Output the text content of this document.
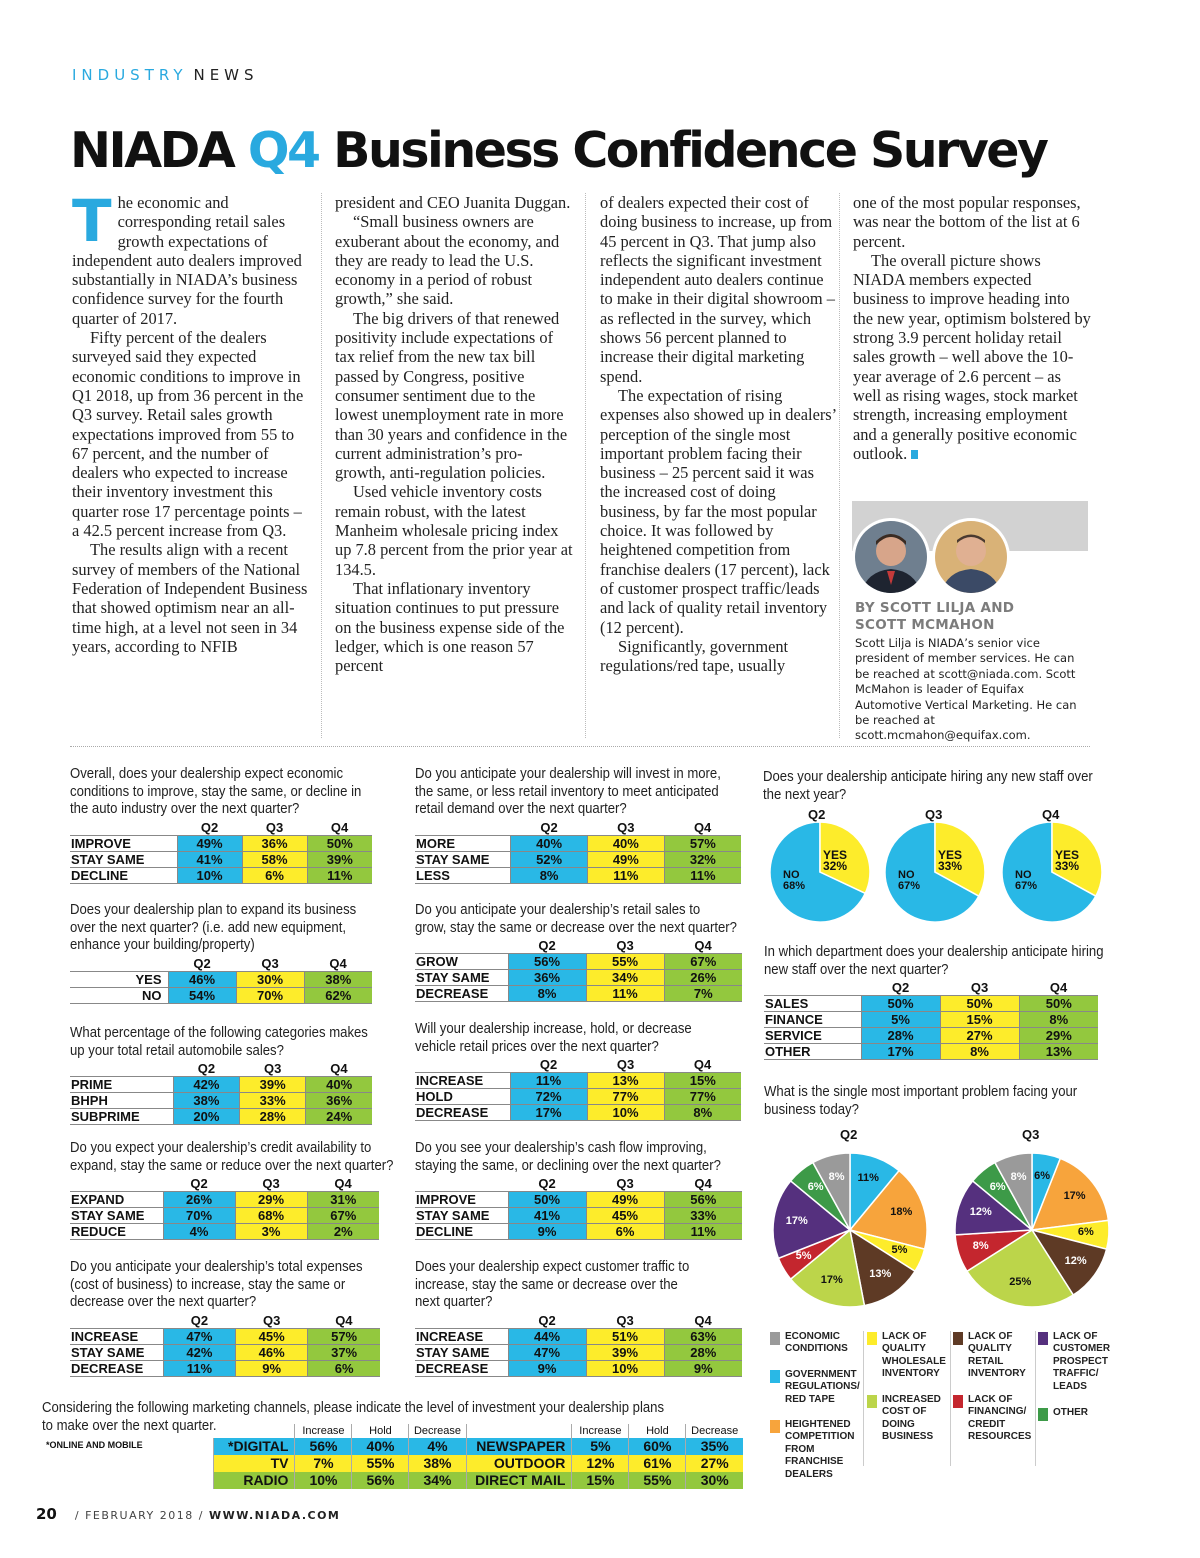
INDUSTRY NEWS
NIADA Q4 Business Confidence Survey
T he economic and corresponding retail sales growth expectations of independent auto dealers improved substantially in NIADA’s business confidence survey for the fourth quarter of 2017.

Fifty percent of the dealers surveyed said they expected economic conditions to improve in Q1 2018, up from 36 percent in the Q3 survey. Retail sales growth expectations improved from 55 to 67 percent, and the number of dealers who expected to increase their inventory investment this quarter rose 17 percentage points – a 42.5 percent increase from Q3.

The results align with a recent survey of members of the National Federation of Independent Business that showed optimism near an all-time high, at a level not seen in 34 years, according to NFIB

president and CEO Juanita Duggan.

“Small business owners are exuberant about the economy, and they are ready to lead the U.S. economy in a period of robust growth,” she said.

The big drivers of that renewed positivity include expectations of tax relief from the new tax bill passed by Congress, positive consumer sentiment due to the lowest unemployment rate in more than 30 years and confidence in the current administration’s pro-growth, anti-regulation policies.

Used vehicle inventory costs remain robust, with the latest Manheim wholesale pricing index up 7.8 percent from the prior year at 134.5.

That inflationary inventory situation continues to put pressure on the business expense side of the ledger, which is one reason 57 percent

of dealers expected their cost of doing business to increase, up from 45 percent in Q3. That jump also reflects the significant investment independent auto dealers continue to make in their digital showroom – as reflected in the survey, which shows 56 percent planned to increase their digital marketing spend.

The expectation of rising expenses also showed up in dealers’ perception of the single most important problem facing their business – 25 percent said it was the increased cost of doing business, by far the most popular choice. It was followed by heightened competition from franchise dealers (17 percent), lack of customer prospect traffic/leads and lack of quality retail inventory (12 percent).

Significantly, government regulations/red tape, usually

one of the most popular responses, was near the bottom of the list at 6 percent.

The overall picture shows NIADA members expected business to improve heading into the new year, optimism bolstered by strong 3.9 percent holiday retail sales growth – well above the 10-year average of 2.6 percent – as well as rising wages, stock market strength, increasing employment and a generally positive economic outlook.

BY SCOTT LILJA AND
SCOTT MCMAHON
Scott Lilja is NIADA’s senior vice president of member services. He can be reached at scott@niada.com. Scott McMahon is leader of Equifax Automotive Vertical Marketing. He can be reached at scott.mcmahon@equifax.com.
Overall, does your dealership expect economic
conditions to improve, stay the same, or decline in
the auto industry over the next quarter?
	Q2	Q3	Q4
IMPROVE	49%	36%	50%
STAY SAME	41%	58%	39%
DECLINE	10%	6%	11%
Does your dealership plan to expand its business
over the next quarter? (i.e. add new equipment,
enhance your building/property)
	Q2	Q3	Q4
YES	46%	30%	38%
NO	54%	70%	62%
What percentage of the following categories makes
up your total retail automobile sales?
	Q2	Q3	Q4
PRIME	42%	39%	40%
BHPH	38%	33%	36%
SUBPRIME	20%	28%	24%
Do you expect your dealership’s credit availability to
expand, stay the same or reduce over the next quarter?
	Q2	Q3	Q4
EXPAND	26%	29%	31%
STAY SAME	70%	68%	67%
REDUCE	4%	3%	2%
Do you anticipate your dealership’s total expenses
(cost of business) to increase, stay the same or
decrease over the next quarter?
	Q2	Q3	Q4
INCREASE	47%	45%	57%
STAY SAME	42%	46%	37%
DECREASE	11%	9%	6%
Do you anticipate your dealership will invest in more,
the same, or less retail inventory to meet anticipated
retail demand over the next quarter?
	Q2	Q3	Q4
MORE	40%	40%	57%
STAY SAME	52%	49%	32%
LESS	8%	11%	11%
Do you anticipate your dealership’s retail sales to
grow, stay the same or decrease over the next quarter?
	Q2	Q3	Q4
GROW	56%	55%	67%
STAY SAME	36%	34%	26%
DECREASE	8%	11%	7%
Will your dealership increase, hold, or decrease
vehicle retail prices over the next quarter?
	Q2	Q3	Q4
INCREASE	11%	13%	15%
HOLD	72%	77%	77%
DECREASE	17%	10%	8%
Do you see your dealership’s cash flow improving,
staying the same, or declining over the next quarter?
	Q2	Q3	Q4
IMPROVE	50%	49%	56%
STAY SAME	41%	45%	33%
DECLINE	9%	6%	11%
Does your dealership expect customer traffic to
increase, stay the same or decrease over the
next quarter?
	Q2	Q3	Q4
INCREASE	44%	51%	63%
STAY SAME	47%	39%	28%
DECREASE	9%	10%	9%
In which department does your dealership anticipate hiring
new staff over the next quarter?
	Q2	Q3	Q4
SALES	50%	50%	50%
FINANCE	5%	15%	8%
SERVICE	28%	27%	29%
OTHER	17%	8%	13%
Does your dealership anticipate hiring any new staff over
the next year?
Q2
YES
32%
NO
68%
Q3
YES
33%
NO
67%
Q4
YES
33%
NO
67%
What is the single most important problem facing your
business today?
Q2
11%
18%
5%
13%
17%
5%
17%
6%
8%
Q3
6%
17%
6%
12%
25%
8%
12%
6%
8%
ECONOMIC
CONDITIONS
GOVERNMENT
REGULATIONS/
RED TAPE
HEIGHTENED
COMPETITION
FROM
FRANCHISE
DEALERS
LACK OF
QUALITY
WHOLESALE
INVENTORY
INCREASED
COST OF
DOING
BUSINESS
LACK OF
QUALITY
RETAIL
INVENTORY
LACK OF
FINANCING/
CREDIT
RESOURCES
LACK OF
CUSTOMER
PROSPECT
TRAFFIC/
LEADS
OTHER
Considering the following marketing channels, please indicate the level of investment your dealership plans
to make over the next quarter.
*ONLINE AND MOBILE
	Increase	Hold	Decrease		Increase	Hold	Decrease
*DIGITAL	56%	40%	4%	NEWSPAPER	5%	60%	35%
TV	7%	55%	38%	OUTDOOR	12%	61%	27%
RADIO	10%	56%	34%	DIRECT MAIL	15%	55%	30%
20 / FEBRUARY 2018 / WWW.NIADA.COM
